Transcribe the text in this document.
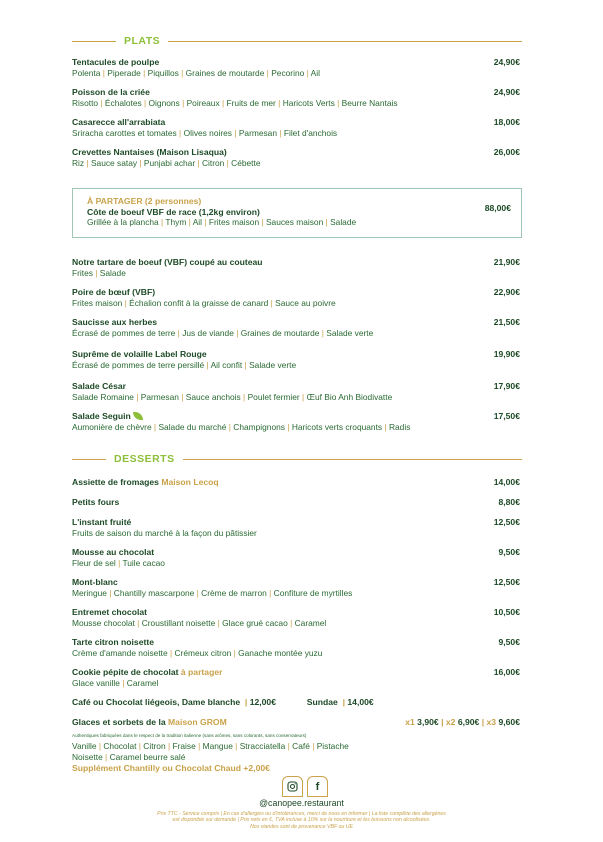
PLATS
Tentacules de poulpe
Polenta | Piperade | Piquillos | Graines de moutarde | Pecorino | Ail
24,90€
Poisson de la criée
Risotto | Échalotes | Oignons | Poireaux | Fruits de mer | Haricots Verts | Beurre Nantais
24,90€
Casarecce all'arrabiata
Sriracha carottes et tomates | Olives noires | Parmesan | Filet d'anchois
18,00€
Crevettes Nantaises (Maison Lisaqua)
Riz | Sauce satay | Punjabi achar | Citron | Cébette
26,00€
À PARTAGER (2 personnes)
Côte de boeuf VBF de race (1,2kg environ)
Grillée à la plancha | Thym | Ail | Frites maison | Sauces maison | Salade
88,00€
Notre tartare de boeuf (VBF) coupé au couteau
Frites | Salade
21,90€
Poire de bœuf (VBF)
Frites maison | Échalion confit à la graisse de canard | Sauce au poivre
22,90€
Saucisse aux herbes
Écrasé de pommes de terre | Jus de viande | Graines de moutarde | Salade verte
21,50€
Suprême de volaille Label Rouge
Écrasé de pommes de terre persillé | Ail confit | Salade verte
19,90€
Salade César
Salade Romaine | Parmesan | Sauce anchois | Poulet fermier | Œuf Bio Anh Biodivatte
17,90€
Salade Seguin
Aumonière de chèvre | Salade du marché | Champignons | Haricots verts croquants | Radis
17,50€
DESSERTS
Assiette de fromages Maison Lecoq	14,00€
Petits fours	8,80€
L'instant fruité
Fruits de saison du marché à la façon du pâtissier
12,50€
Mousse au chocolat
Fleur de sel | Tuile cacao
9,50€
Mont-blanc
Meringue | Chantilly mascarpone | Crème de marron | Confiture de myrtilles
12,50€
Entremet chocolat
Mousse chocolat | Croustillant noisette | Glace grué cacao | Caramel
10,50€
Tarte citron noisette
Crème d'amande noisette | Crémeux citron | Ganache montée yuzu
9,50€
Cookie pépite de chocolat à partager
Glace vanille | Caramel
16,00€
Café ou Chocolat liégeois, Dame blanche  | 12,00€	Sundae  | 14,00€
Glaces et sorbets de la Maison GROM	x1 3,90€ | x2 6,90€ | x3 9,60€
Authentiques fabriquées dans le respect de la tradition italienne (sans arômes, sans colorants, sans conservateurs)
Vanille | Chocolat | Citron | Fraise | Mangue | Stracciatella | Café | Pistache
Noisette | Caramel beurre salé
Supplément Chantilly ou Chocolat Chaud +2,00€
f
@canopee.restaurant
Prix TTC - Service compris | En cas d'allergies ou d'intolérances, merci de nous en informer | La liste complète des allergènes
est disponible sur demande | Prix nets en €, TVA incluse à 10% sur la nourriture et les boissons non alcoolisées.
Nos viandes sont de provenance VBF ou UE
